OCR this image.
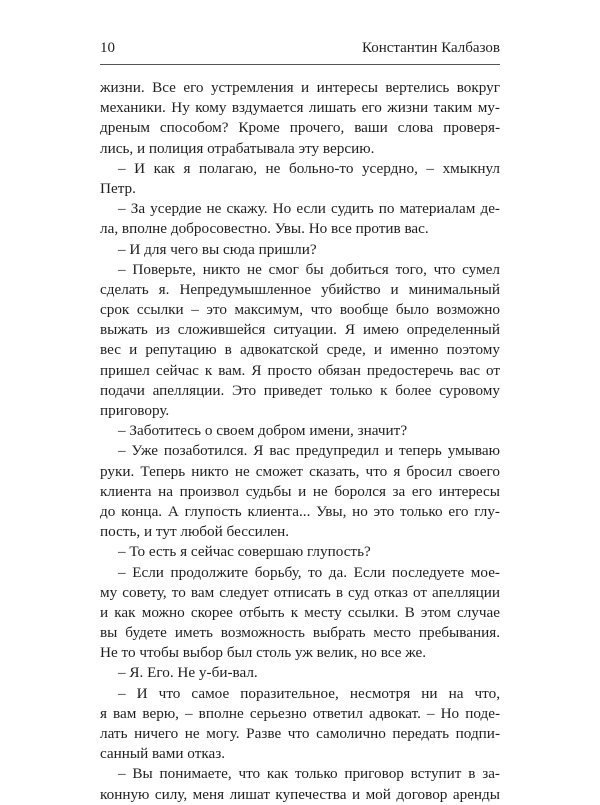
10	Константин Калбазов
жизни. Все его устремления и интересы вертелись вокруг
механики. Ну кому вздумается лишать его жизни таким му-
дреным способом? Кроме прочего, ваши слова проверя-
лись, и полиция отрабатывала эту версию.
– И как я полагаю, не больно-то усердно, – хмыкнул
Петр.
– За усердие не скажу. Но если судить по материалам де-
ла, вполне добросовестно. Увы. Но все против вас.
– И для чего вы сюда пришли?
– Поверьте, никто не смог бы добиться того, что сумел
сделать я. Непредумышленное убийство и минимальный
срок ссылки – это максимум, что вообще было возможно
выжать из сложившейся ситуации. Я имею определенный
вес и репутацию в адвокатской среде, и именно поэтому
пришел сейчас к вам. Я просто обязан предостеречь вас от
подачи апелляции. Это приведет только к более суровому
приговору.
– Заботитесь о своем добром имени, значит?
– Уже позаботился. Я вас предупредил и теперь умываю
руки. Теперь никто не сможет сказать, что я бросил своего
клиента на произвол судьбы и не боролся за его интересы
до конца. А глупость клиента... Увы, но это только его глу-
пость, и тут любой бессилен.
– То есть я сейчас совершаю глупость?
– Если продолжите борьбу, то да. Если последуете мое-
му совету, то вам следует отписать в суд отказ от апелляции
и как можно скорее отбыть к месту ссылки. В этом случае
вы будете иметь возможность выбрать место пребывания.
Не то чтобы выбор был столь уж велик, но все же.
– Я. Его. Не у-би-вал.
– И что самое поразительное, несмотря ни на что,
я вам верю, – вполне серьезно ответил адвокат. – Но поде-
лать ничего не могу. Разве что самолично передать подпи-
санный вами отказ.
– Вы понимаете, что как только приговор вступит в за-
конную силу, меня лишат купечества и мой договор аренды
